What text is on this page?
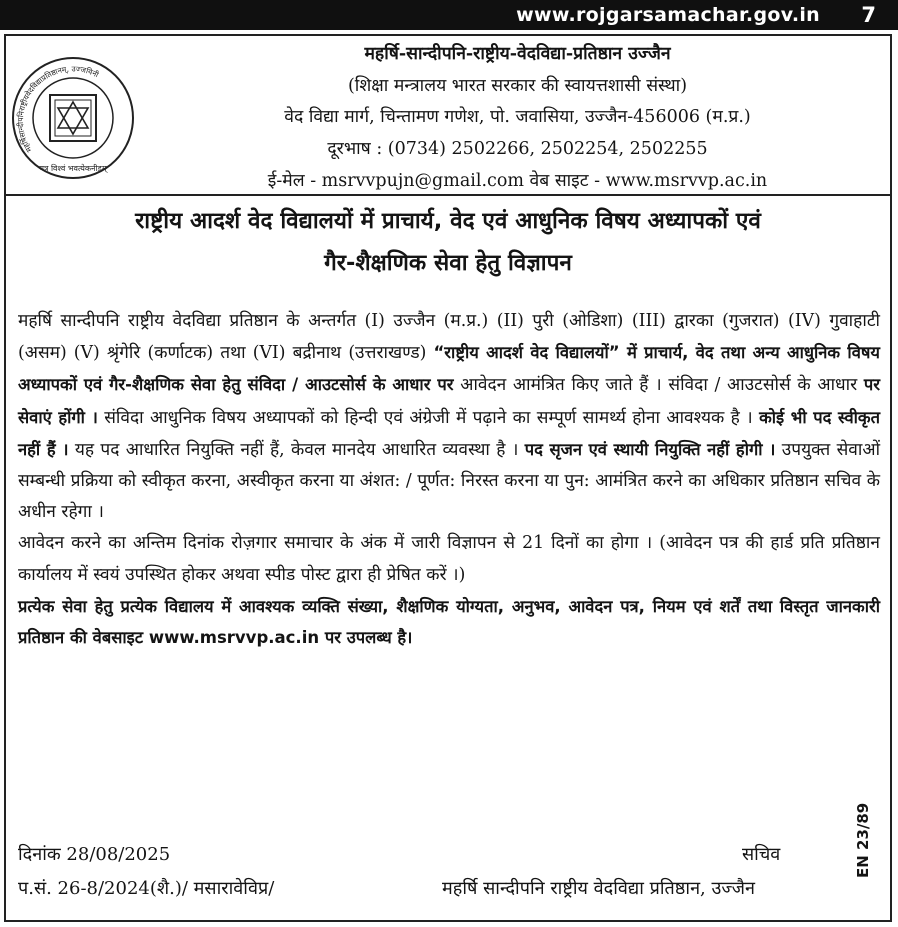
www.rojgarsamachar.gov.in 7
महर्षिसान्दीपनिराष्ट्रीयवेदविद्याप्रतिष्ठानम्, उज्जयिनी
यत्र विश्वं भवत्येकनीडम्
महर्षि-सान्दीपनि-राष्ट्रीय-वेदविद्या-प्रतिष्ठान उज्जैन
(शिक्षा मन्त्रालय भारत सरकार की स्वायत्तशासी संस्था)
वेद विद्या मार्ग, चिन्तामण गणेश, पो. जवासिया, उज्जैन-456006 (म.प्र.)
दूरभाष : (0734) 2502266, 2502254, 2502255
ई-मेल - msrvvpujn@gmail.com वेब साइट - www.msrvvp.ac.in
राष्ट्रीय आदर्श वेद विद्यालयों में प्राचार्य, वेद एवं आधुनिक विषय अध्यापकों एवं
गैर-शैक्षणिक सेवा हेतु विज्ञापन

महर्षि सान्दीपनि राष्ट्रीय वेदविद्या प्रतिष्ठान के अन्तर्गत (I) उज्जैन (म.प्र.) (II) पुरी (ओडिशा) (III) द्वारका (गुजरात) (IV) गुवाहाटी (असम) (V) श्रृंगेरि (कर्णाटक) तथा (VI) बद्रीनाथ (उत्तराखण्ड) “राष्ट्रीय आदर्श वेद विद्यालयों” में प्राचार्य, वेद तथा अन्य आधुनिक विषय अध्यापकों एवं गैर-शैक्षणिक सेवा हेतु संविदा / आउटसोर्स के आधार पर आवेदन आमंत्रित किए जाते हैं । संविदा / आउटसोर्स के आधार पर सेवाएं होंगी । संविदा आधुनिक विषय अध्यापकों को हिन्दी एवं अंग्रेजी में पढ़ाने का सम्पूर्ण सामर्थ्य होना आवश्यक है । कोई भी पद स्वीकृत नहीं हैं । यह पद आधारित नियुक्ति नहीं हैं, केवल मानदेय आधारित व्यवस्था है । पद सृजन एवं स्थायी नियुक्ति नहीं होगी । उपयुक्त सेवाओं सम्बन्धी प्रक्रिया को स्वीकृत करना, अस्वीकृत करना या अंशत: / पूर्णत: निरस्त करना या पुन: आमंत्रित करने का अधिकार प्रतिष्ठान सचिव के अधीन रहेगा ।

आवेदन करने का अन्तिम दिनांक रोज़गार समाचार के अंक में जारी विज्ञापन से 21 दिनों का होगा । (आवेदन पत्र की हार्ड प्रति प्रतिष्ठान कार्यालय में स्वयं उपस्थित होकर अथवा स्पीड पोस्ट द्वारा ही प्रेषित करें ।)

प्रत्येक सेवा हेतु प्रत्येक विद्यालय में आवश्यक व्यक्ति संख्या, शैक्षणिक योग्यता, अनुभव, आवेदन पत्र, नियम एवं शर्तें तथा विस्तृत जानकारी प्रतिष्ठान की वेबसाइट www.msrvvp.ac.in पर उपलब्ध है।

दिनांक 28/08/2025
प.सं. 26-8/2024(शै.)/ मसारावेविप्र/
सचिव
महर्षि सान्दीपनि राष्ट्रीय वेदविद्या प्रतिष्ठान, उज्जैन
EN 23/89
